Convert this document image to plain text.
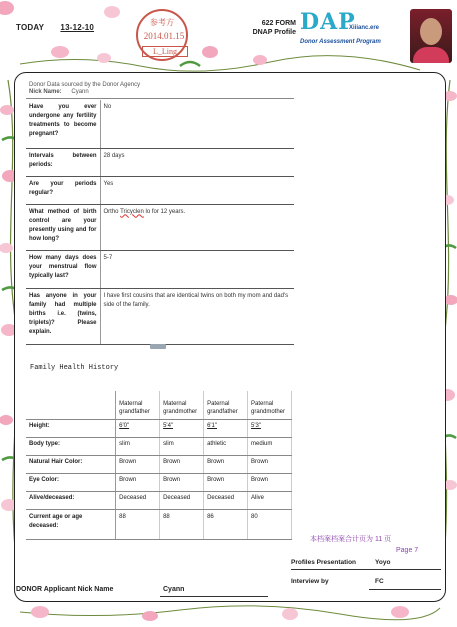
TODAY 13-12-10
参考方
2014.01.15
L_Ling
622 FORM
DNAP Profile DAP
Xiiianc.ere
Donor Assessment Program
Donor Data sourced by the Donor Agency
Nick Name: Cyann
Have you ever undergone any fertility treatments to become pregnant?	No
Intervals between periods:	28 days
Are your periods regular?	Yes
What method of birth control are your presently using and for how long?	Ortho Tricyclen lo for 12 years.
How many days does your menstrual flow typically last?	5-7
Has anyone in your family had multiple births i.e. (twins, triplets)? Please explain.	I have first cousins that are identical twins on both my mom and dad's side of the family.
Family Health History
	Maternal grandfather	Maternal grandmother	Paternal grandfather	Paternal grandmother
Height:	6'0"	5'4"	6'1"	5'3"
Body type:	slim	slim	athletic	medium
Natural Hair Color:	Brown	Brown	Brown	Brown
Eye Color:	Brown	Brown	Brown	Brown
Alive/deceased:	Deceased	Deceased	Deceased	Alive
Current age or age deceased:	88	88	86	80
本档案档案合计页为 11 页
Page 7
Profiles Presentation	Yoyo
Interview by	FC
DONOR Applicant Nick Name	Cyann
